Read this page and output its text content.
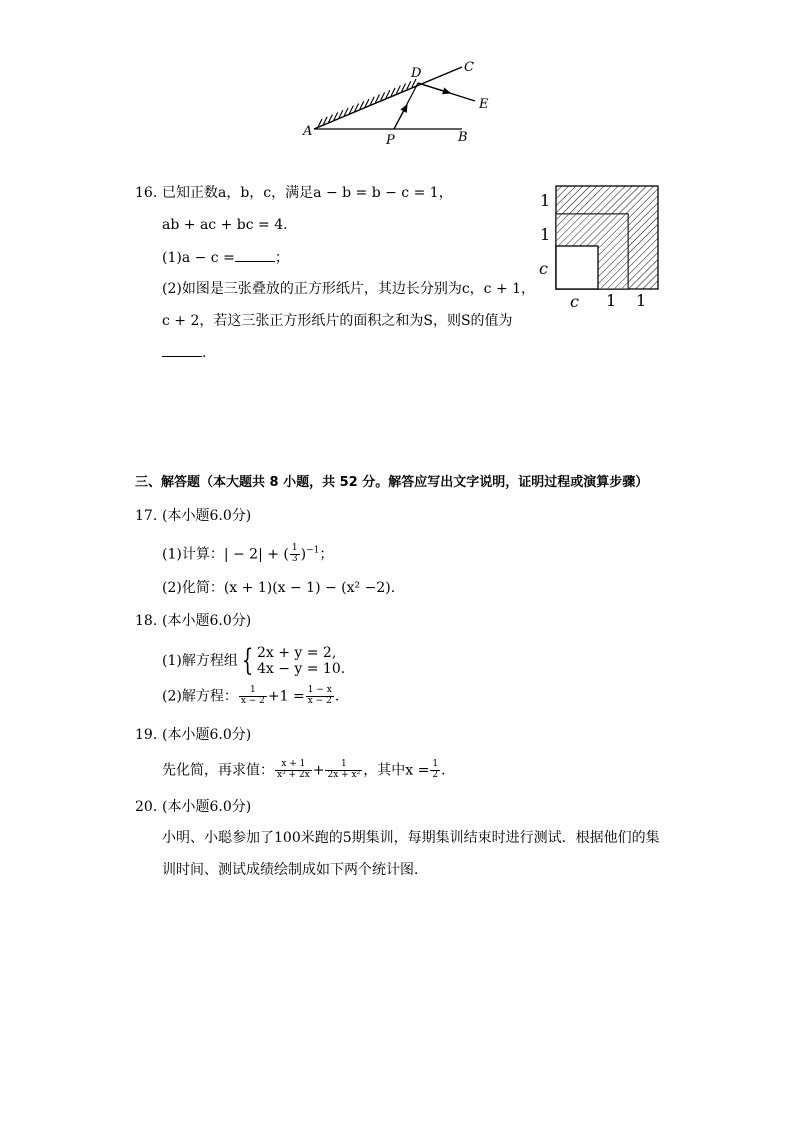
A	B
C
D
E
P
16. 已知正数a，b，c，满足a − b = b − c = 1，
ab + ac + bc = 4.
(1)a − c =	；
(2)如图是三张叠放的正方形纸片，其边长分别为c，c + 1，
c + 2，若这三张正方形纸片的面积之和为S，则S的值为
.
1
1
c
c 1 1
三、解答题（本大题共 8 小题，共 52 分。解答应写出文字说明，证明过程或演算步骤）
17. (本小题6.0分)
(1)计算：| − 2| + ( $\frac{1}{3} )^{-1}$；
(2)化简：(x + 1)(x − 1) − (x² −2).
18. (本小题6.0分)
(1)解方程组 { 2x + y = 2,
4x − y = 10.
(2)解方程： $\frac{1}{x - 2} +1 = \frac{1 - x}{x - 2}$ .
19. (本小题6.0分)
先化简，再求值： $\frac{x + 1}{\text{x² + 2x}} + \frac{1}{\text{2x + x²}}$ ，其中$x = \frac{1}{2}$ .
20. (本小题6.0分)
小明、小聪参加了100米跑的5期集训，每期集训结束时进行测试．根据他们的集
训时间、测试成绩绘制成如下两个统计图．
